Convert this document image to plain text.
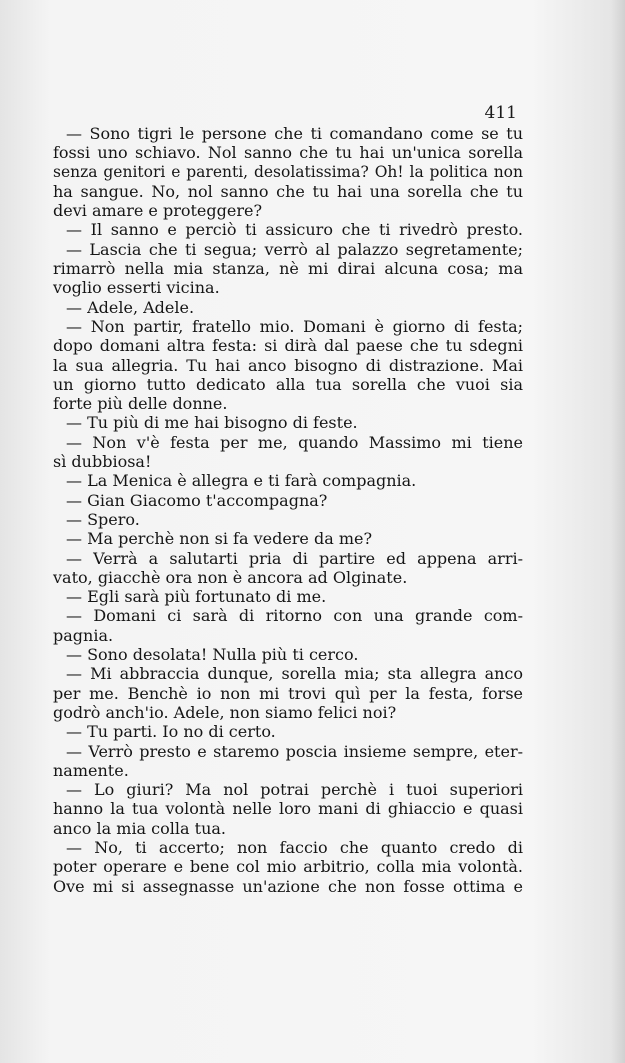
411

— Sono tigri le persone che ti comandano come se tu
fossi uno schiavo. Nol sanno che tu hai un'unica sorella
senza genitori e parenti, desolatissima? Oh! la politica non
ha sangue. No, nol sanno che tu hai una sorella che tu
devi amare e proteggere?
— Il sanno e perciò ti assicuro che ti rivedrò presto.
— Lascia che ti segua; verrò al palazzo segretamente;
rimarrò nella mia stanza, nè mi dirai alcuna cosa; ma
voglio esserti vicina.
— Adele, Adele.
— Non partir, fratello mio. Domani è giorno di festa;
dopo domani altra festa: si dirà dal paese che tu sdegni
la sua allegria. Tu hai anco bisogno di distrazione. Mai
un giorno tutto dedicato alla tua sorella che vuoi sia
forte più delle donne.
— Tu più di me hai bisogno di feste.
— Non v'è festa per me, quando Massimo mi tiene
sì dubbiosa!
— La Menica è allegra e ti farà compagnia.
— Gian Giacomo t'accompagna?
— Spero.
— Ma perchè non si fa vedere da me?
— Verrà a salutarti pria di partire ed appena arri-
vato, giacchè ora non è ancora ad Olginate.
— Egli sarà più fortunato di me.
— Domani ci sarà di ritorno con una grande com-
pagnia.
— Sono desolata! Nulla più ti cerco.
— Mi abbraccia dunque, sorella mia; sta allegra anco
per me. Benchè io non mi trovi quì per la festa, forse
godrò anch'io. Adele, non siamo felici noi?
— Tu parti. Io no di certo.
— Verrò presto e staremo poscia insieme sempre, eter-
namente.
— Lo giuri? Ma nol potrai perchè i tuoi superiori
hanno la tua volontà nelle loro mani di ghiaccio e quasi
anco la mia colla tua.
— No, ti accerto; non faccio che quanto credo di
poter operare e bene col mio arbitrio, colla mia volontà.
Ove mi si assegnasse un'azione che non fosse ottima e
